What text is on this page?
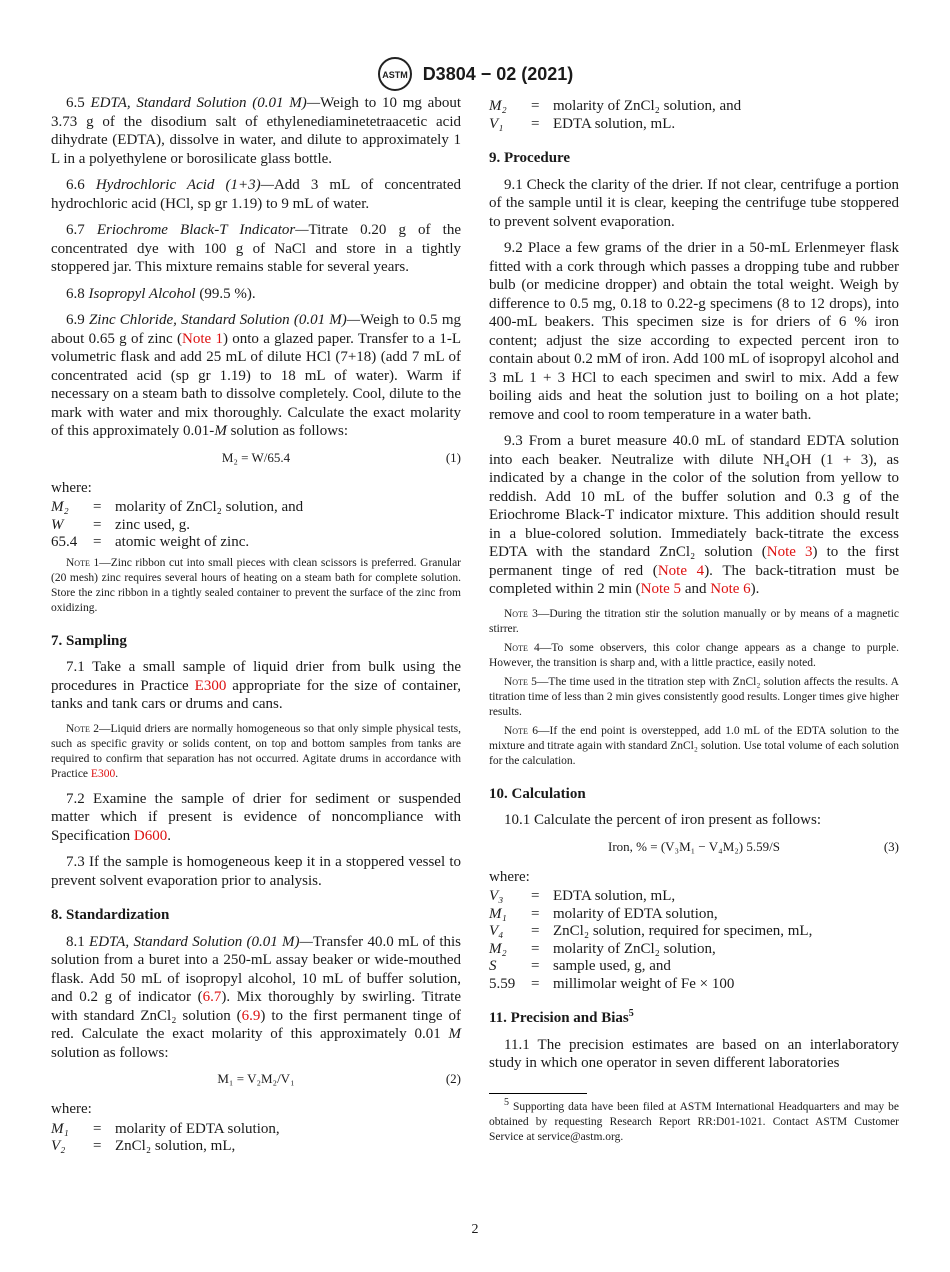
ASTM D3804 − 02 (2021)

6.5 EDTA, Standard Solution (0.01 M)—Weigh to 10 mg about 3.73 g of the disodium salt of ethylenediaminetetraacetic acid dihydrate (EDTA), dissolve in water, and dilute to approximately 1 L in a polyethylene or borosilicate glass bottle.

6.6 Hydrochloric Acid (1+3)—Add 3 mL of concentrated hydrochloric acid (HCl, sp gr 1.19) to 9 mL of water.

6.7 Eriochrome Black-T Indicator—Titrate 0.20 g of the concentrated dye with 100 g of NaCl and store in a tightly stoppered jar. This mixture remains stable for several years.

6.8 Isopropyl Alcohol (99.5 %).

6.9 Zinc Chloride, Standard Solution (0.01 M)—Weigh to 0.5 mg about 0.65 g of zinc (Note 1) onto a glazed paper. Transfer to a 1-L volumetric flask and add 25 mL of dilute HCl (7+18) (add 7 mL of concentrated acid (sp gr 1.19) to 18 mL of water). Warm if necessary on a steam bath to dissolve completely. Cool, dilute to the mark with water and mix thoroughly. Calculate the exact molarity of this approximately 0.01-M solution as follows:

M₂ = W/65.4	(1)
where:
M₂	=	molarity of ZnCl₂ solution, and
W	=	zinc used, g.
65.4	=	atomic weight of zinc.
Note 1—Zinc ribbon cut into small pieces with clean scissors is preferred. Granular (20 mesh) zinc requires several hours of heating on a steam bath for complete solution. Store the zinc ribbon in a tightly sealed container to prevent the surface of the zinc from oxidizing.
7. Sampling

7.1 Take a small sample of liquid drier from bulk using the procedures in Practice E300 appropriate for the size of container, tanks and tank cars or drums and cans.

Note 2—Liquid driers are normally homogeneous so that only simple physical tests, such as specific gravity or solids content, on top and bottom samples from tanks are required to confirm that separation has not occurred. Agitate drums in accordance with Practice E300.

7.2 Examine the sample of drier for sediment or suspended matter which if present is evidence of noncompliance with Specification D600.

7.3 If the sample is homogeneous keep it in a stoppered vessel to prevent solvent evaporation prior to analysis.

8. Standardization

8.1 EDTA, Standard Solution (0.01 M)—Transfer 40.0 mL of this solution from a buret into a 250-mL assay beaker or wide-mouthed flask. Add 50 mL of isopropyl alcohol, 10 mL of buffer solution, and 0.2 g of indicator (6.7). Mix thoroughly by swirling. Titrate with standard ZnCl₂ solution (6.9) to the first permanent tinge of red. Calculate the exact molarity of this approximately 0.01 M solution as follows:

M₁ = V₂M₂/V₁	(2)
where:
M₁	=	molarity of EDTA solution,
V₂	=	ZnCl₂ solution, mL,
M₂	=	molarity of ZnCl₂ solution, and
V₁	=	EDTA solution, mL.
9. Procedure

9.1 Check the clarity of the drier. If not clear, centrifuge a portion of the sample until it is clear, keeping the centrifuge tube stoppered to prevent solvent evaporation.

9.2 Place a few grams of the drier in a 50-mL Erlenmeyer flask fitted with a cork through which passes a dropping tube and rubber bulb (or medicine dropper) and obtain the total weight. Weigh by difference to 0.5 mg, 0.18 to 0.22-g specimens (8 to 12 drops), into 400-mL beakers. This specimen size is for driers of 6 % iron content; adjust the size according to expected percent iron to contain about 0.2 mM of iron. Add 100 mL of isopropyl alcohol and 3 mL 1 + 3 HCl to each specimen and swirl to mix. Add a few boiling aids and heat the solution just to boiling on a hot plate; remove and cool to room temperature in a water bath.

9.3 From a buret measure 40.0 mL of standard EDTA solution into each beaker. Neutralize with dilute NH₄OH (1 + 3), as indicated by a change in the color of the solution from yellow to reddish. Add 10 mL of the buffer solution and 0.3 g of the Eriochrome Black-T indicator mixture. This addition should result in a blue-colored solution. Immediately back-titrate the excess EDTA with the standard ZnCl₂ solution (Note 3) to the first permanent tinge of red (Note 4). The back-titration must be completed within 2 min (Note 5 and Note 6).

Note 3—During the titration stir the solution manually or by means of a magnetic stirrer.
Note 4—To some observers, this color change appears as a change to purple. However, the transition is sharp and, with a little practice, easily noted.
Note 5—The time used in the titration step with ZnCl₂ solution affects the results. A titration time of less than 2 min gives consistently good results. Longer times give higher results.
Note 6—If the end point is overstepped, add 1.0 mL of the EDTA solution to the mixture and titrate again with standard ZnCl₂ solution. Use total volume of each solution for the calculation.
10. Calculation

10.1 Calculate the percent of iron present as follows:

Iron, % = (V₃M₁ − V₄M₂) 5.59/S	(3)
where:
V₃	=	EDTA solution, mL,
M₁	=	molarity of EDTA solution,
V₄	=	ZnCl₂ solution, required for specimen, mL,
M₂	=	molarity of ZnCl₂ solution,
S	=	sample used, g, and
5.59	=	millimolar weight of Fe × 100
11. Precision and Bias$^5$

11.1 The precision estimates are based on an interlaboratory study in which one operator in seven different laboratories

$^5$ Supporting data have been filed at ASTM International Headquarters and may be obtained by requesting Research Report RR:D01-1021. Contact ASTM Customer Service at service@astm.org.
2
